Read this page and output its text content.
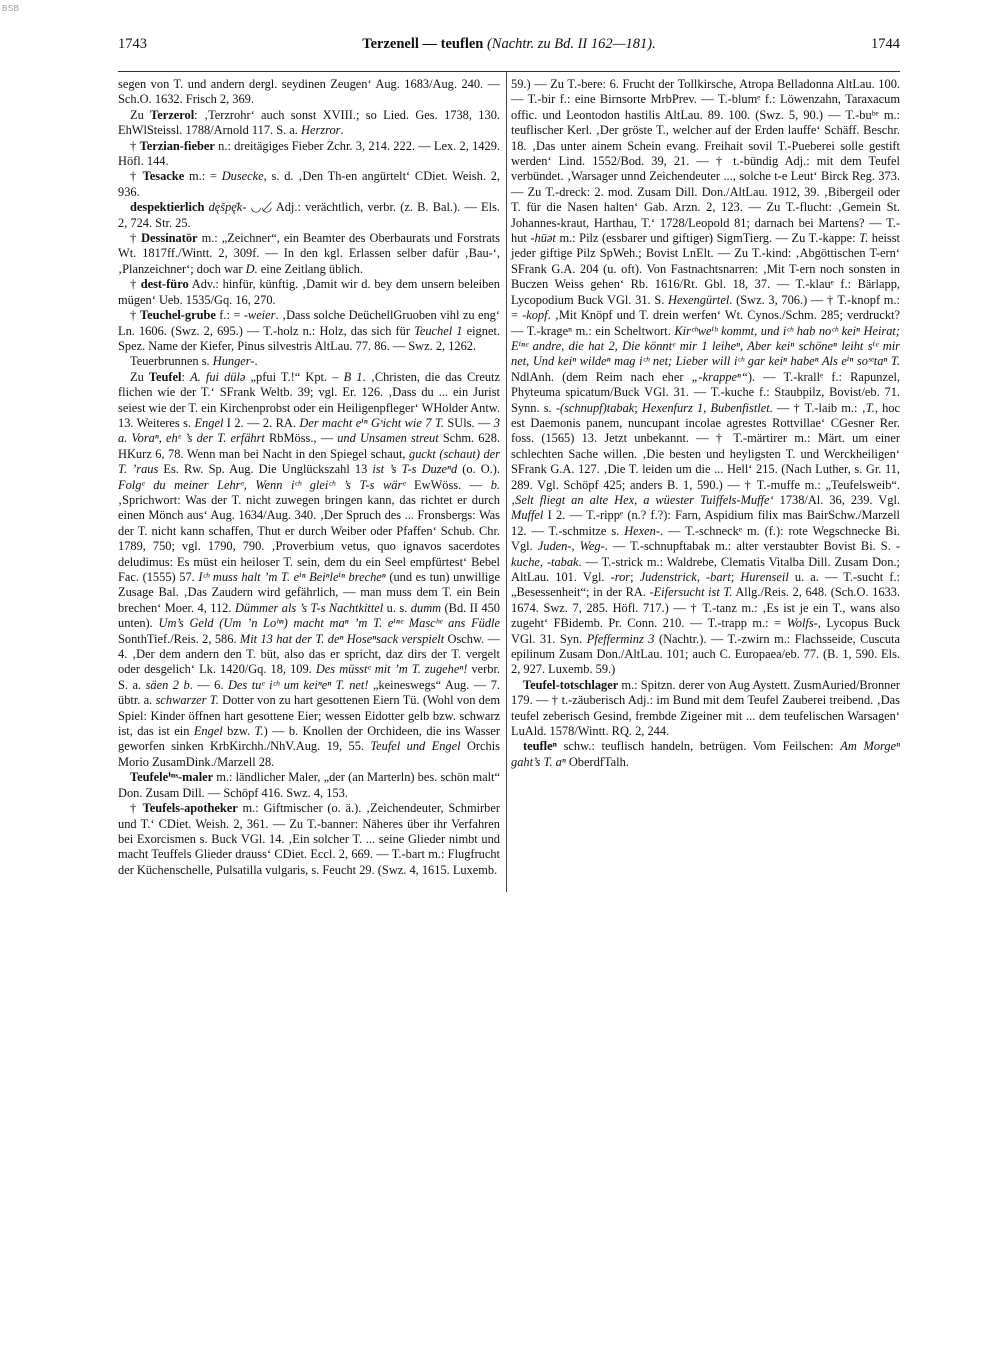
BSB
1743	Terzenell — teuflen (Nachtr. zu Bd. II 162—181).	1744

segen von T. und andern dergl. seydinen Zeugen‘ Aug. 1683/Aug. 240. — Sch.O. 1632. Frisch 2, 369.

Zu Terzerol: ‚Terzrohr‘ auch sonst XVIII.; so Lied. Ges. 1738, 130. EhWlSteissl. 1788/Arnold 117. S. a. Herzror.

† Terzian-fieber n.: dreitägiges Fieber Zchr. 3, 214. 222. — Lex. 2, 1429. Höfl. 144.

† Tesacke m.: = Dusecke, s. d. ‚Den Th-en angürtelt‘ CDiet. Weish. 2, 936.

despektierlich dęšpę̄k- ◡◡̸ Adj.: verächtlich, verbr. (z. B. Bal.). — Els. 2, 724. Str. 25.

† Dessinatör m.: „Zeichner“, ein Beamter des Oberbaurats und Forstrats Wt. 1817ff./Wintt. 2, 309f. — In den kgl. Erlassen selber dafür ‚Bau-‘, ‚Planzeichner‘; doch war D. eine Zeitlang üblich.

† dest-füro Adv.: hinfür, künftig. ‚Damit wir d. bey dem unsern beleiben mügen‘ Ueb. 1535/Gq. 16, 270.

† Teuchel-grube f.: = -weier. ‚Dass solche DeüchellGruoben vihl zu eng‘ Ln. 1606. (Swz. 2, 695.) — T.-holz n.: Holz, das sich für Teuchel 1 eignet. Spez. Name der Kiefer, Pinus silvestris AltLau. 77. 86. — Swz. 2, 1262.

Teuerbrunnen s. Hunger-.

Zu Teufel: A. fui dülə „pfui T.!“ Kpt. – B 1. ‚Christen, die das Creutz flichen wie der T.‘ SFrank Weltb. 39; vgl. Er. 126. ‚Dass du ... ein Jurist seiest wie der T. ein Kirchenprobst oder ein Heiligenpfleger‘ WHolder Antw. 13. Weiteres s. Engel I 2. — 2. RA. Der macht eⁱⁿ Gˢicht wie 7 T. SUls. — 3 a. Voraⁿ, ehᵉ ’s der T. erfährt RbMöss., — und Unsamen streut Schm. 628. HKurz 6, 78. Wenn man bei Nacht in den Spiegel schaut, guckt (schaut) der T. ’raus Es. Rw. Sp. Aug. Die Unglückszahl 13 ist ’s T-s Duzeⁿd (o. O.). Folgᵉ du meiner Lehrᵉ, Wenn iᶜʰ gleiᶜʰ ’s T-s wärᵉ EwWöss. — b. ‚Sprichwort: Was der T. nicht zuwegen bringen kann, das richtet er durch einen Mönch aus‘ Aug. 1634/Aug. 340. ‚Der Spruch des ... Fronsbergs: Was der T. nicht kann schaffen, Thut er durch Weiber oder Pfaffen‘ Schub. Chr. 1789, 750; vgl. 1790, 790. ‚Proverbium vetus, quo ignavos sacerdotes deludimus: Es müst ein heiloser T. sein, dem du ein Seel empfürtest‘ Bebel Fac. (1555) 57. Iᶜʰ muss halt ’m T. eⁱⁿ Beiⁿleⁱⁿ brecheⁿ (und es tun) unwillige Zusage Bal. ‚Das Zaudern wird gefährlich, — man muss dem T. ein Bein brechen‘ Moer. 4, 112. Dümmer als ’s T-s Nachtkittel u. s. dumm (Bd. II 450 unten). Um’s Geld (Um ’n Loʰⁿ) macht maⁿ ’m T. eⁱⁿᵉ Mascʰᵉ ans Füdle SonthTief./Reis. 2, 586. Mit 13 hat der T. deⁿ Hoseⁿsack verspielt Oschw. — 4. ‚Der dem andern den T. büt, also das er spricht, daz dirs der T. vergelt oder desgelich‘ Lk. 1420/Gq. 18, 109. Des müsstᵉ mit ’m T. zugeheⁿ! verbr. S. a. säen 2 b. — 6. Des tuᵉ iᶜʰ um keiⁿeⁿ T. net! „keineswegs“ Aug. — 7. übtr. a. schwarzer T. Dotter von zu hart gesottenen Eiern Tü. (Wohl von dem Spiel: Kinder öffnen hart gesottene Eier; wessen Eidotter gelb bzw. schwarz ist, das ist ein Engel bzw. T.) — b. Knollen der Orchideen, die ins Wasser geworfen sinken KrbKirchh./NhV.Aug. 19, 55. Teufel und Engel Orchis Morio ZusamDink./Marzell 28.

Teufeleⁱⁿˢ-maler m.: ländlicher Maler, „der (an Marterln) bes. schön malt“ Don. Zusam Dill. — Schöpf 416. Swz. 4, 153.

† Teufels-apotheker m.: Giftmischer (o. ä.). ‚Zeichendeuter, Schmirber und T.‘ CDiet. Weish. 2, 361. — Zu T.-banner: Näheres über ihr Verfahren bei Exorcismen s. Buck VGl. 14. ‚Ein solcher T. ... seine Glieder nimbt und macht Teuffels Glieder drauss‘ CDiet. Eccl. 2, 669. — T.-bart m.: Flugfrucht der Küchenschelle, Pulsatilla vulgaris, s. Feucht 29. (Swz. 4, 1615. Luxemb.

59.) — Zu T.-bere: 6. Frucht der Tollkirsche, Atropa Belladonna AltLau. 100. — T.-bir f.: eine Birnsorte MrbPrev. — T.-blumᵉ f.: Löwenzahn, Taraxacum offic. und Leontodon hastilis AltLau. 89. 100. (Swz. 5, 90.) — T.-buᵇᵉ m.: teuflischer Kerl. ‚Der gröste T., welcher auf der Erden lauffe‘ Schäff. Beschr. 18. ‚Das unter ainem Schein evang. Freihait sovil T.-Pueberei solle gestift werden‘ Lind. 1552/Bod. 39, 21. — † t.-bündig Adj.: mit dem Teufel verbündet. ‚Warsager unnd Zeichendeuter ..., solche t-e Leut‘ Birck Reg. 373. — Zu T.-dreck: 2. mod. Zusam Dill. Don./AltLau. 1912, 39. ‚Bibergeil oder T. für die Nasen halten‘ Gab. Arzn. 2, 123. — Zu T.-flucht: ‚Gemein St. Johannes-kraut, Harthau, T.‘ 1728/Leopold 81; darnach bei Martens? — T.-hut -hūət m.: Pilz (essbarer und giftiger) SigmTierg. — Zu T.-kappe: T. heisst jeder giftige Pilz SpWeh.; Bovist LnElt. — Zu T.-kind: ‚Abgöttischen T-ern‘ SFrank G.A. 204 (u. oft). Von Fastnachtsnarren: ‚Mit T-ern noch sonsten in Buczen Weiss gehen‘ Rb. 1616/Rt. Gbl. 18, 37. — T.-klauᵉ f.: Bärlapp, Lycopodium Buck VGl. 31. S. Hexengürtel. (Swz. 3, 706.) — † T.-knopf m.: = -kopf. ‚Mit Knöpf und T. drein werfen‘ Wt. Cynos./Schm. 285; verdruckt? — T.-krageⁿ m.: ein Scheltwort. Kirᶜʰweⁱʰ kommt, und iᶜʰ hab noᶜʰ keiⁿ Heirat; Eⁱⁿᵉ andre, die hat 2, Die könntᵉ mir 1 leiheⁿ, Aber keiⁿ schöneⁿ leiht sⁱᵉ mir net, Und keiⁿ wildeⁿ mag iᶜʰ net; Lieber will iᶜʰ gar keiⁿ habeⁿ Als eⁱⁿ soˢᵉtaⁿ T. NdlAnh. (dem Reim nach eher „-krappeⁿ“). — T.-krallᵉ f.: Rapunzel, Phyteuma spicatum/Buck VGl. 31. — T.-kuche f.: Staubpilz, Bovist/eb. 71. Synn. s. -(schnupf)tabak; Hexenfurz 1, Bubenfistlet. — † T.-laib m.: ‚T., hoc est Daemonis panem, nuncupant incolae agrestes Rottvillae‘ CGesner Rer. foss. (1565) 13. Jetzt unbekannt. — † T.-märtirer m.: Märt. um einer schlechten Sache willen. ‚Die besten und heyligsten T. und Werckheiligen‘ SFrank G.A. 127. ‚Die T. leiden um die ... Hell‘ 215. (Nach Luther, s. Gr. 11, 289. Vgl. Schöpf 425; anders B. 1, 590.) — † T.-muffe m.: „Teufelsweib“. ‚Selt fliegt an alte Hex, a wüester Tuiffels-Muffe‘ 1738/Al. 36, 239. Vgl. Muffel I 2. — T.-rippᵉ (n.? f.?): Farn, Aspidium filix mas BairSchw./Marzell 12. — T.-schmitze s. Hexen-. — T.-schneckᵉ m. (f.): rote Wegschnecke Bi. Vgl. Juden-, Weg-. — T.-schnupftabak m.: alter verstaubter Bovist Bi. S. -kuche, -tabak. — T.-strick m.: Waldrebe, Clematis Vitalba Dill. Zusam Don.; AltLau. 101. Vgl. -ror; Judenstrick, -bart; Hurenseil u. a. — T.-sucht f.: „Besessenheit“; in der RA. -Eifersucht ist T. Allg./Reis. 2, 648. (Sch.O. 1633. 1674. Swz. 7, 285. Höfl. 717.) — † T.-tanz m.: ‚Es ist je ein T., wans also zugeht‘ FBidemb. Pr. Conn. 210. — T.-trapp m.: = Wolfs-, Lycopus Buck VGl. 31. Syn. Pfefferminz 3 (Nachtr.). — T.-zwirn m.: Flachsseide, Cuscuta epilinum Zusam Don./AltLau. 101; auch C. Europaea/eb. 77. (B. 1, 590. Els. 2, 927. Luxemb. 59.)

Teufel-totschlager m.: Spitzn. derer von Aug Aystett. ZusmAuried/Bronner 179. — † t.-zäuberisch Adj.: im Bund mit dem Teufel Zauberei treibend. ‚Das teufel zeberisch Gesind, frembde Zigeiner mit ... dem teufelischen Warsagen‘ LuAld. 1578/Wintt. RQ. 2, 244.

teufleⁿ schw.: teuflisch handeln, betrügen. Vom Feilschen: Am Morgeⁿ gaht’s T. aⁿ OberdfTalh.
